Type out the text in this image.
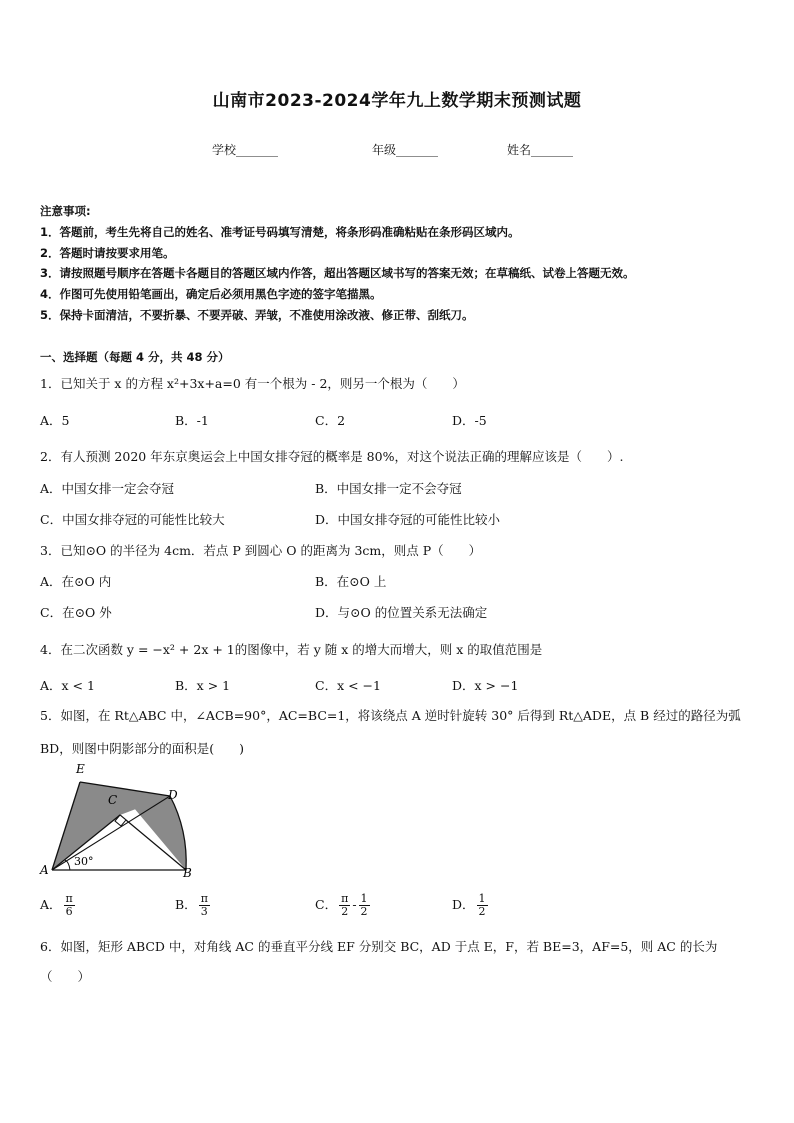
山南市2023-2024学年九上数学期末预测试题
学校_______	年级_______	姓名_______
注意事项:
1．答题前，考生先将自己的姓名、准考证号码填写清楚，将条形码准确粘贴在条形码区域内。
2．答题时请按要求用笔。
3．请按照题号顺序在答题卡各题目的答题区域内作答，超出答题区域书写的答案无效；在草稿纸、试卷上答题无效。
4．作图可先使用铅笔画出，确定后必须用黑色字迹的签字笔描黑。
5．保持卡面清洁，不要折暴、不要弄破、弄皱，不准使用涂改液、修正带、刮纸刀。
一、选择题（每题 4 分，共 48 分）
1．已知关于 x 的方程 x²+3x+a=0 有一个根为 - 2，则另一个根为（　　）
A．5	B．-1	C．2	D．-5
2．有人预测 2020 年东京奥运会上中国女排夺冠的概率是 80%，对这个说法正确的理解应该是（　　）.
A．中国女排一定会夺冠	B．中国女排一定不会夺冠
C．中国女排夺冠的可能性比较大	D．中国女排夺冠的可能性比较小
3．已知⊙O 的半径为 4cm．若点 P 到圆心 O 的距离为 3cm，则点 P（　　）
A．在⊙O 内	B．在⊙O 上
C．在⊙O 外	D．与⊙O 的位置关系无法确定
4．在二次函数 y = −x² + 2x + 1的图像中，若 y 随 x 的增大而增大，则 x 的取值范围是
A．x < 1	B．x > 1	C．x < −1	D．x > −1
5．如图，在 Rt△ABC 中，∠ACB=90°，AC=BC=1，将该绕点 A 逆时针旋转 30° 后得到 Rt△ADE，点 B 经过的路径为弧
BD，则图中阴影部分的面积是(　　)
E
C	D
A	B
30°
A． $\frac{\pi}{6}$	B． $\frac{\pi}{3}$	C． $\frac{\pi}{2} - \frac{1}{2}$	D． $\frac{1}{2}$
6．如图，矩形 ABCD 中，对角线 AC 的垂直平分线 EF 分别交 BC，AD 于点 E，F，若 BE=3，AF=5，则 AC 的长为
（　　）
